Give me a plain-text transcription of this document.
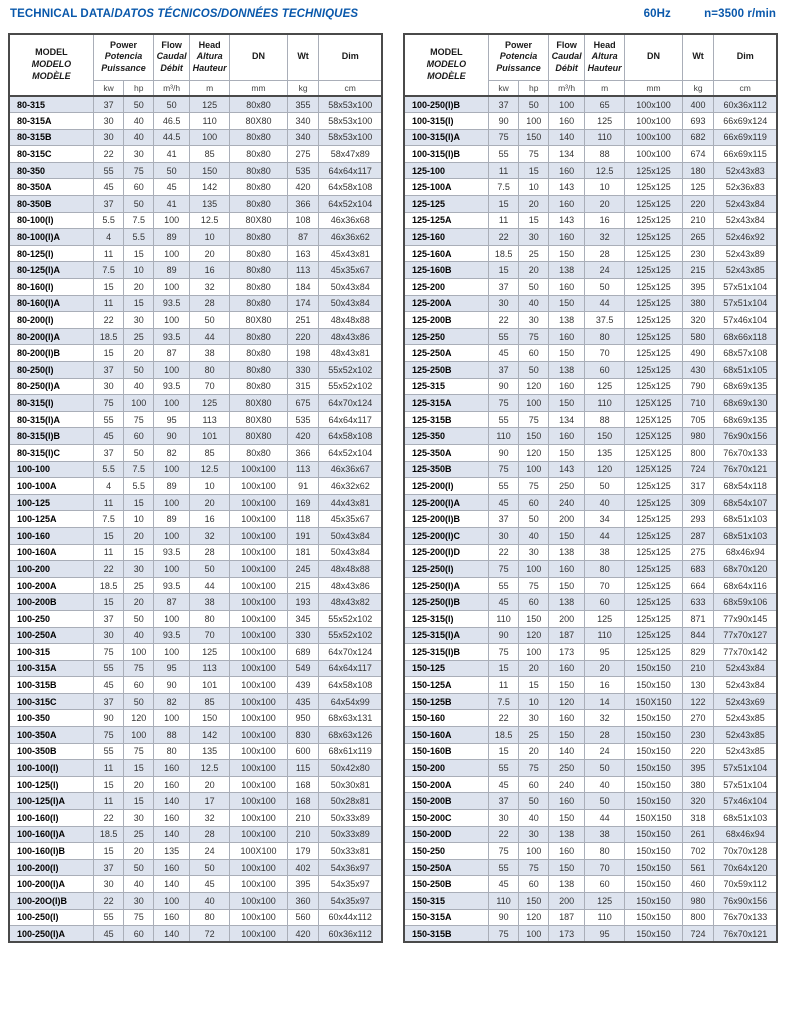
TECHNICAL DATA/DATOS TÉCNICOS/DONNÉES TECHNIQUES	60Hz	n=3500 r/min
MODEL
MODELO
MODÈLE

Power
Potencia
Puissance

Flow
Caudal
Débit

Head
Altura
Hauteur
	DN	Wt	Dim
	kw	hp	m³/h	m	mm	kg	cm
80-315	37	50	50	125	80x80	355	58x53x100
80-315A	30	40	46.5	110	80X80	340	58x53x100
80-315B	30	40	44.5	100	80x80	340	58x53x100
80-315C	22	30	41	85	80x80	275	58x47x89
80-350	55	75	50	150	80x80	535	64x64x117
80-350A	45	60	45	142	80x80	420	64x58x108
80-350B	37	50	41	135	80x80	366	64x52x104
80-100(I)	5.5	7.5	100	12.5	80X80	108	46x36x68
80-100(I)A	4	5.5	89	10	80x80	87	46x36x62
80-125(I)	11	15	100	20	80x80	163	45x43x81
80-125(I)A	7.5	10	89	16	80x80	113	45x35x67
80-160(I)	15	20	100	32	80x80	184	50x43x84
80-160(I)A	11	15	93.5	28	80x80	174	50x43x84
80-200(I)	22	30	100	50	80X80	251	48x48x88
80-200(I)A	18.5	25	93.5	44	80x80	220	48x43x86
80-200(I)B	15	20	87	38	80x80	198	48x43x81
80-250(I)	37	50	100	80	80x80	330	55x52x102
80-250(I)A	30	40	93.5	70	80x80	315	55x52x102
80-315(I)	75	100	100	125	80X80	675	64x70x124
80-315(I)A	55	75	95	113	80X80	535	64x64x117
80-315(I)B	45	60	90	101	80X80	420	64x58x108
80-315(I)C	37	50	82	85	80x80	366	64x52x104
100-100	5.5	7.5	100	12.5	100x100	113	46x36x67
100-100A	4	5.5	89	10	100x100	91	46x32x62
100-125	11	15	100	20	100x100	169	44x43x81
100-125A	7.5	10	89	16	100x100	118	45x35x67
100-160	15	20	100	32	100x100	191	50x43x84
100-160A	11	15	93.5	28	100x100	181	50x43x84
100-200	22	30	100	50	100x100	245	48x48x88
100-200A	18.5	25	93.5	44	100x100	215	48x43x86
100-200B	15	20	87	38	100x100	193	48x43x82
100-250	37	50	100	80	100x100	345	55x52x102
100-250A	30	40	93.5	70	100x100	330	55x52x102
100-315	75	100	100	125	100x100	689	64x70x124
100-315A	55	75	95	113	100x100	549	64x64x117
100-315B	45	60	90	101	100x100	439	64x58x108
100-315C	37	50	82	85	100x100	435	64x54x99
100-350	90	120	100	150	100x100	950	68x63x131
100-350A	75	100	88	142	100x100	830	68x63x126
100-350B	55	75	80	135	100x100	600	68x61x119
100-100(I)	11	15	160	12.5	100x100	115	50x42x80
100-125(I)	15	20	160	20	100x100	168	50x30x81
100-125(I)A	11	15	140	17	100x100	168	50x28x81
100-160(I)	22	30	160	32	100x100	210	50x33x89
100-160(I)A	18.5	25	140	28	100x100	210	50x33x89
100-160(I)B	15	20	135	24	100X100	179	50x33x81
100-200(I)	37	50	160	50	100x100	402	54x36x97
100-200(I)A	30	40	140	45	100x100	395	54x35x97
100-20O(I)B	22	30	100	40	100x100	360	54x35x97
100-250(I)	55	75	160	80	100x100	560	60x44x112
100-250(I)A	45	60	140	72	100x100	420	60x36x112
MODEL
MODELO
MODÈLE

Power
Potencia
Puissance

Flow
Caudal
Débit

Head
Altura
Hauteur
	DN	Wt	Dim
	kw	hp	m³/h	m	mm	kg	cm
100-250(I)B	37	50	100	65	100x100	400	60x36x112
100-315(I)	90	100	160	125	100x100	693	66x69x124
100-315(I)A	75	150	140	110	100x100	682	66x69x119
100-315(I)B	55	75	134	88	100x100	674	66x69x115
125-100	11	15	160	12.5	125x125	180	52x43x83
125-100A	7.5	10	143	10	125x125	125	52x36x83
125-125	15	20	160	20	125x125	220	52x43x84
125-125A	11	15	143	16	125x125	210	52x43x84
125-160	22	30	160	32	125x125	265	52x46x92
125-160A	18.5	25	150	28	125x125	230	52x43x89
125-160B	15	20	138	24	125x125	215	52x43x85
125-200	37	50	160	50	125x125	395	57x51x104
125-200A	30	40	150	44	125x125	380	57x51x104
125-200B	22	30	138	37.5	125x125	320	57x46x104
125-250	55	75	160	80	125x125	580	68x66x118
125-250A	45	60	150	70	125x125	490	68x57x108
125-250B	37	50	138	60	125x125	430	68x51x105
125-315	90	120	160	125	125x125	790	68x69x135
125-315A	75	100	150	110	125X125	710	68x69x130
125-315B	55	75	134	88	125X125	705	68x69x135
125-350	110	150	160	150	125X125	980	76x90x156
125-350A	90	120	150	135	125X125	800	76x70x133
125-350B	75	100	143	120	125X125	724	76x70x121
125-200(I)	55	75	250	50	125x125	317	68x54x118
125-200(I)A	45	60	240	40	125x125	309	68x54x107
125-200(I)B	37	50	200	34	125x125	293	68x51x103
125-200(I)C	30	40	150	44	125x125	287	68x51x103
125-200(I)D	22	30	138	38	125x125	275	68x46x94
125-250(I)	75	100	160	80	125x125	683	68x70x120
125-250(I)A	55	75	150	70	125x125	664	68x64x116
125-250(I)B	45	60	138	60	125x125	633	68x59x106
125-315(I)	110	150	200	125	125x125	871	77x90x145
125-315(I)A	90	120	187	110	125x125	844	77x70x127
125-315(I)B	75	100	173	95	125x125	829	77x70x142
150-125	15	20	160	20	150x150	210	52x43x84
150-125A	11	15	150	16	150x150	130	52x43x84
150-125B	7.5	10	120	14	150X150	122	52x43x69
150-160	22	30	160	32	150x150	270	52x43x85
150-160A	18.5	25	150	28	150x150	230	52x43x85
150-160B	15	20	140	24	150x150	220	52x43x85
150-200	55	75	250	50	150x150	395	57x51x104
150-200A	45	60	240	40	150x150	380	57x51x104
150-200B	37	50	160	50	150x150	320	57x46x104
150-200C	30	40	150	44	150X150	318	68x51x103
150-200D	22	30	138	38	150x150	261	68x46x94
150-250	75	100	160	80	150x150	702	70x70x128
150-250A	55	75	150	70	150x150	561	70x64x120
150-250B	45	60	138	60	150x150	460	70x59x112
150-315	110	150	200	125	150x150	980	76x90x156
150-315A	90	120	187	110	150x150	800	76x70x133
150-315B	75	100	173	95	150x150	724	76x70x121
